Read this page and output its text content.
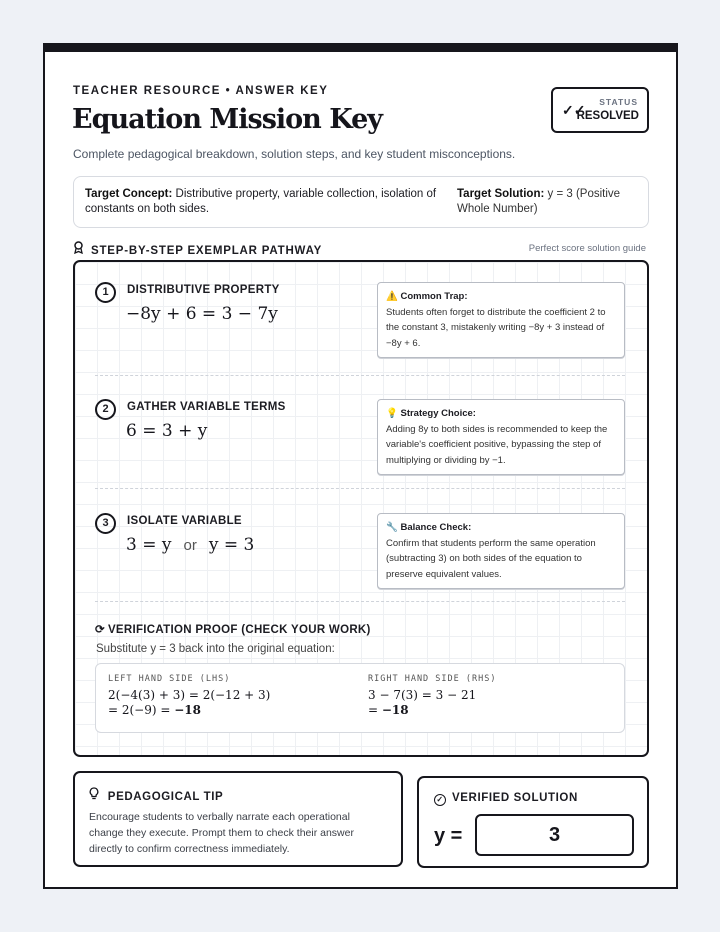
TEACHER RESOURCE • ANSWER KEY
Equation Mission Key
Complete pedagogical breakdown, solution steps, and key student misconceptions.
✓✓ STATUS
RESOLVED
Target Concept: Distributive property, variable collection, isolation of constants on both sides.
Target Solution: y = 3 (Positive Whole Number)
STEP-BY-STEP EXEMPLAR PATHWAY	Perfect score solution guide
1	DISTRIBUTIVE PROPERTY
−8y + 6 = 3 − 7y
⚠️ Common Trap:
Students often forget to distribute the coefficient 2 to the constant 3, mistakenly writing −8y + 3 instead of −8y + 6.
2	GATHER VARIABLE TERMS
6 = 3 + y
💡 Strategy Choice:
Adding 8y to both sides is recommended to keep the variable's coefficient positive, bypassing the step of multiplying or dividing by −1.
3	ISOLATE VARIABLE
3 = y or y = 3
🔧 Balance Check:
Confirm that students perform the same operation (subtracting 3) on both sides of the equation to preserve equivalent values.
⟳ VERIFICATION PROOF (CHECK YOUR WORK)
Substitute y = 3 back into the original equation:
LEFT HAND SIDE (LHS)
2(−4(3) + 3) = 2(−12 + 3)
= 2(−9) = −18
RIGHT HAND SIDE (RHS)
3 − 7(3) = 3 − 21
= −18
PEDAGOGICAL TIP
Encourage students to verbally narrate each operational change they execute. Prompt them to check their answer directly to confirm correctness immediately.
✓ VERIFIED SOLUTION
y =	3
